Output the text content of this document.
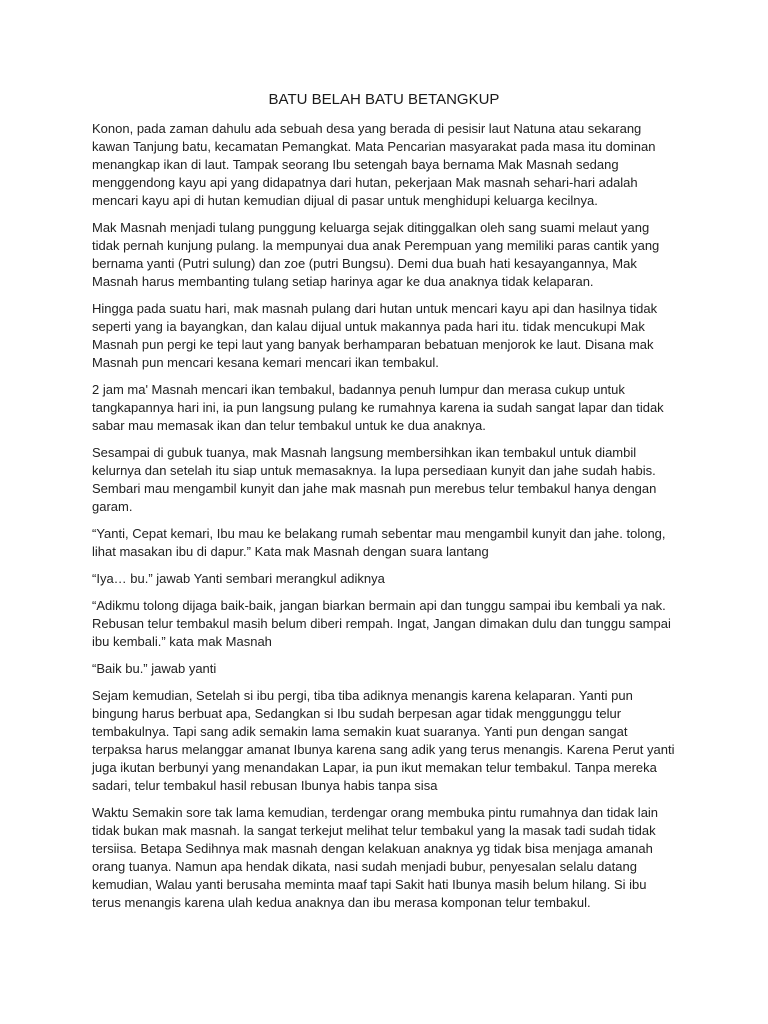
BATU BELAH BATU BETANGKUP

Konon, pada zaman dahulu ada sebuah desa yang berada di pesisir laut Natuna atau sekarang kawan Tanjung batu, kecamatan Pemangkat. Mata Pencarian masyarakat pada masa itu dominan menangkap ikan di laut. Tampak seorang Ibu setengah baya bernama Mak Masnah sedang menggendong kayu api yang didapatnya dari hutan, pekerjaan Mak masnah sehari-hari adalah mencari kayu api di hutan kemudian dijual di pasar untuk menghidupi keluarga kecilnya.

Mak Masnah menjadi tulang punggung keluarga sejak ditinggalkan oleh sang suami melaut yang tidak pernah kunjung pulang. la mempunyai dua anak Perempuan yang memiliki paras cantik yang bernama yanti (Putri sulung) dan zoe (putri Bungsu). Demi dua buah hati kesayangannya, Mak Masnah harus membanting tulang setiap harinya agar ke dua anaknya tidak kelaparan.

Hingga pada suatu hari, mak masnah pulang dari hutan untuk mencari kayu api dan hasilnya tidak seperti yang ia bayangkan, dan kalau dijual untuk makannya pada hari itu. tidak mencukupi Mak Masnah pun pergi ke tepi laut yang banyak berhamparan bebatuan menjorok ke laut. Disana mak Masnah pun mencari kesana kemari mencari ikan tembakul.

2 jam ma' Masnah mencari ikan tembakul, badannya penuh lumpur dan merasa cukup untuk tangkapannya hari ini, ia pun langsung pulang ke rumahnya karena ia sudah sangat lapar dan tidak sabar mau memasak ikan dan telur tembakul untuk ke dua anaknya.

Sesampai di gubuk tuanya, mak Masnah langsung membersihkan ikan tembakul untuk diambil kelurnya dan setelah itu siap untuk memasaknya. Ia lupa persediaan kunyit dan jahe sudah habis. Sembari mau mengambil kunyit dan jahe mak masnah pun merebus telur tembakul hanya dengan garam.

“Yanti, Cepat kemari, Ibu mau ke belakang rumah sebentar mau mengambil kunyit dan jahe. tolong, lihat masakan ibu di dapur.” Kata mak Masnah dengan suara lantang

“Iya… bu.” jawab Yanti sembari merangkul adiknya

“Adikmu tolong dijaga baik-baik, jangan biarkan bermain api dan tunggu sampai ibu kembali ya nak. Rebusan telur tembakul masih belum diberi rempah. Ingat, Jangan dimakan dulu dan tunggu sampai ibu kembali.” kata mak Masnah

“Baik bu.” jawab yanti

Sejam kemudian, Setelah si ibu pergi, tiba tiba adiknya menangis karena kelaparan. Yanti pun bingung harus berbuat apa, Sedangkan si Ibu sudah berpesan agar tidak menggunggu telur tembakulnya. Tapi sang adik semakin lama semakin kuat suaranya. Yanti pun dengan sangat terpaksa harus melanggar amanat Ibunya karena sang adik yang terus menangis. Karena Perut yanti juga ikutan berbunyi yang menandakan Lapar, ia pun ikut memakan telur tembakul. Tanpa mereka sadari, telur tembakul hasil rebusan Ibunya habis tanpa sisa

Waktu Semakin sore tak lama kemudian, terdengar orang membuka pintu rumahnya dan tidak lain tidak bukan mak masnah. la sangat terkejut melihat telur tembakul yang la masak tadi sudah tidak tersiisa. Betapa Sedihnya mak masnah dengan kelakuan anaknya yg tidak bisa menjaga amanah orang tuanya. Namun apa hendak dikata, nasi sudah menjadi bubur, penyesalan selalu datang kemudian, Walau yanti berusaha meminta maaf tapi Sakit hati Ibunya masih belum hilang. Si ibu terus menangis karena ulah kedua anaknya dan ibu merasa komponan telur tembakul.
